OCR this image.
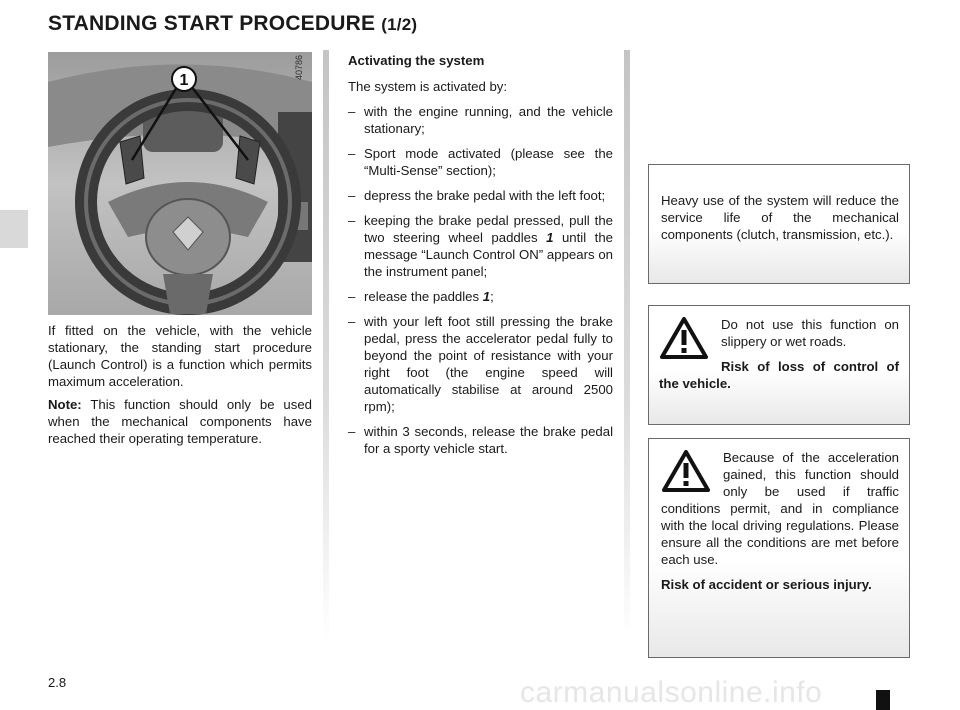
STANDING START PROCEDURE (1/2)
1
40786

If fitted on the vehicle, with the vehicle stationary, the standing start procedure (Launch Control) is a function which permits maximum acceleration.

Note: This function should only be used when the mechanical components have reached their operating temperature.

Activating the system

The system is activated by:

– with the engine running, and the vehicle stationary;
– Sport mode activated (please see the “Multi-Sense” section);
– depress the brake pedal with the left foot;
– keeping the brake pedal pressed, pull the two steering wheel paddles 1 until the message “Launch Control ON” appears on the instrument panel;
– release the paddles 1;
– with your left foot still pressing the brake pedal, press the accelerator pedal fully to beyond the point of resistance with your right foot (the engine speed will automatically stabilise at around 2500 rpm);
– within 3 seconds, release the brake pedal for a sporty vehicle start.

Heavy use of the system will reduce the service life of the mechanical components (clutch, transmission, etc.).

Do not use this function on slippery or wet roads.

Risk of loss of control of the vehicle.

Because of the acceleration gained, this function should only be used if traffic conditions permit, and in compliance with the local driving regulations. Please ensure all the conditions are met before each use.

Risk of accident or serious injury.

2.8	carmanualsonline.info
